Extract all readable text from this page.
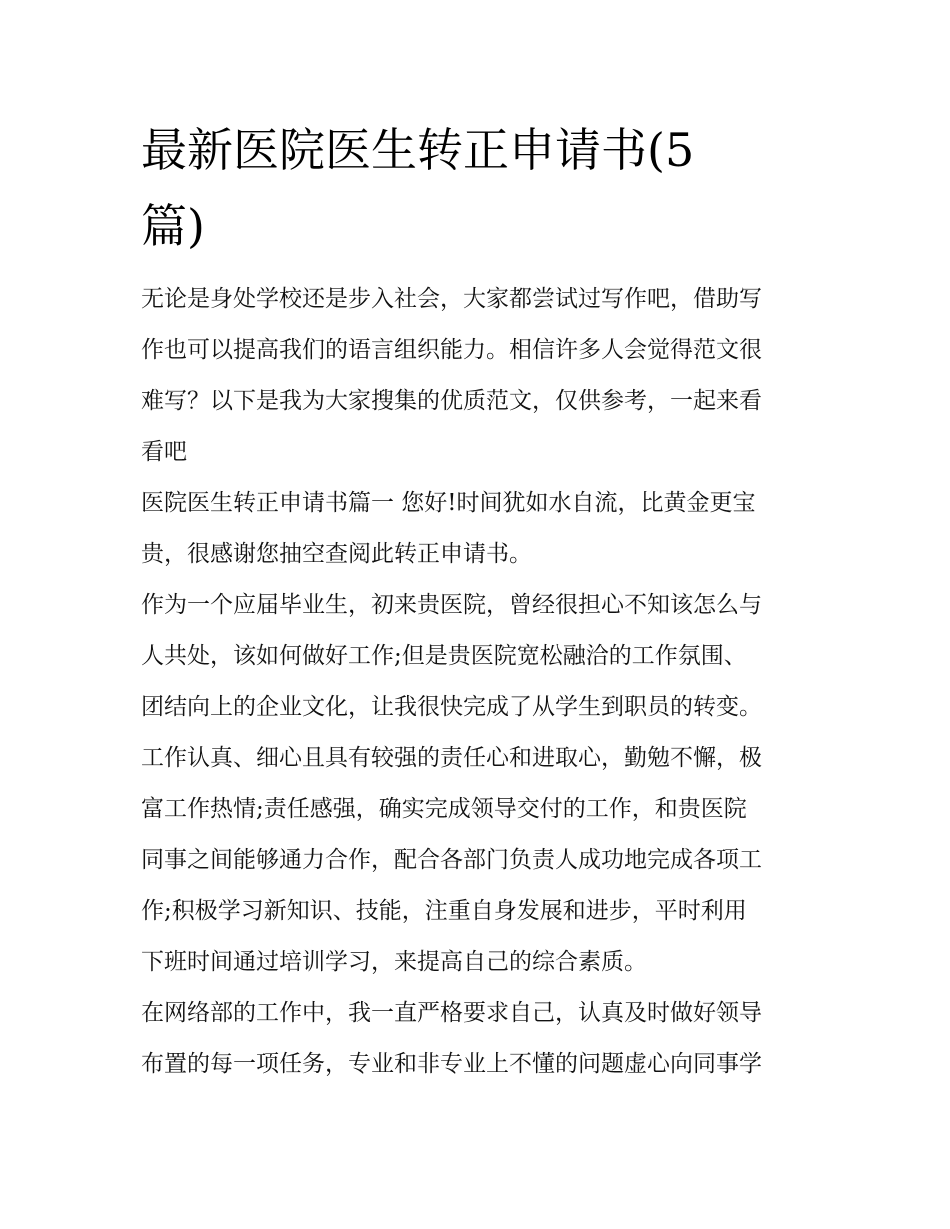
最新医院医生转正申请书(5
篇)
无论是身处学校还是步入社会，大家都尝试过写作吧，借助写
作也可以提高我们的语言组织能力。相信许多人会觉得范文很
难写？以下是我为大家搜集的优质范文，仅供参考，一起来看
看吧
医院医生转正申请书篇一 您好!时间犹如水自流，比黄金更宝
贵，很感谢您抽空查阅此转正申请书。
作为一个应届毕业生，初来贵医院，曾经很担心不知该怎么与
人共处，该如何做好工作;但是贵医院宽松融洽的工作氛围、
团结向上的企业文化，让我很快完成了从学生到职员的转变。
工作认真、细心且具有较强的责任心和进取心，勤勉不懈，极
富工作热情;责任感强，确实完成领导交付的工作，和贵医院
同事之间能够通力合作，配合各部门负责人成功地完成各项工
作;积极学习新知识、技能，注重自身发展和进步，平时利用
下班时间通过培训学习，来提高自己的综合素质。
在网络部的工作中，我一直严格要求自己，认真及时做好领导
布置的每一项任务，专业和非专业上不懂的问题虚心向同事学
